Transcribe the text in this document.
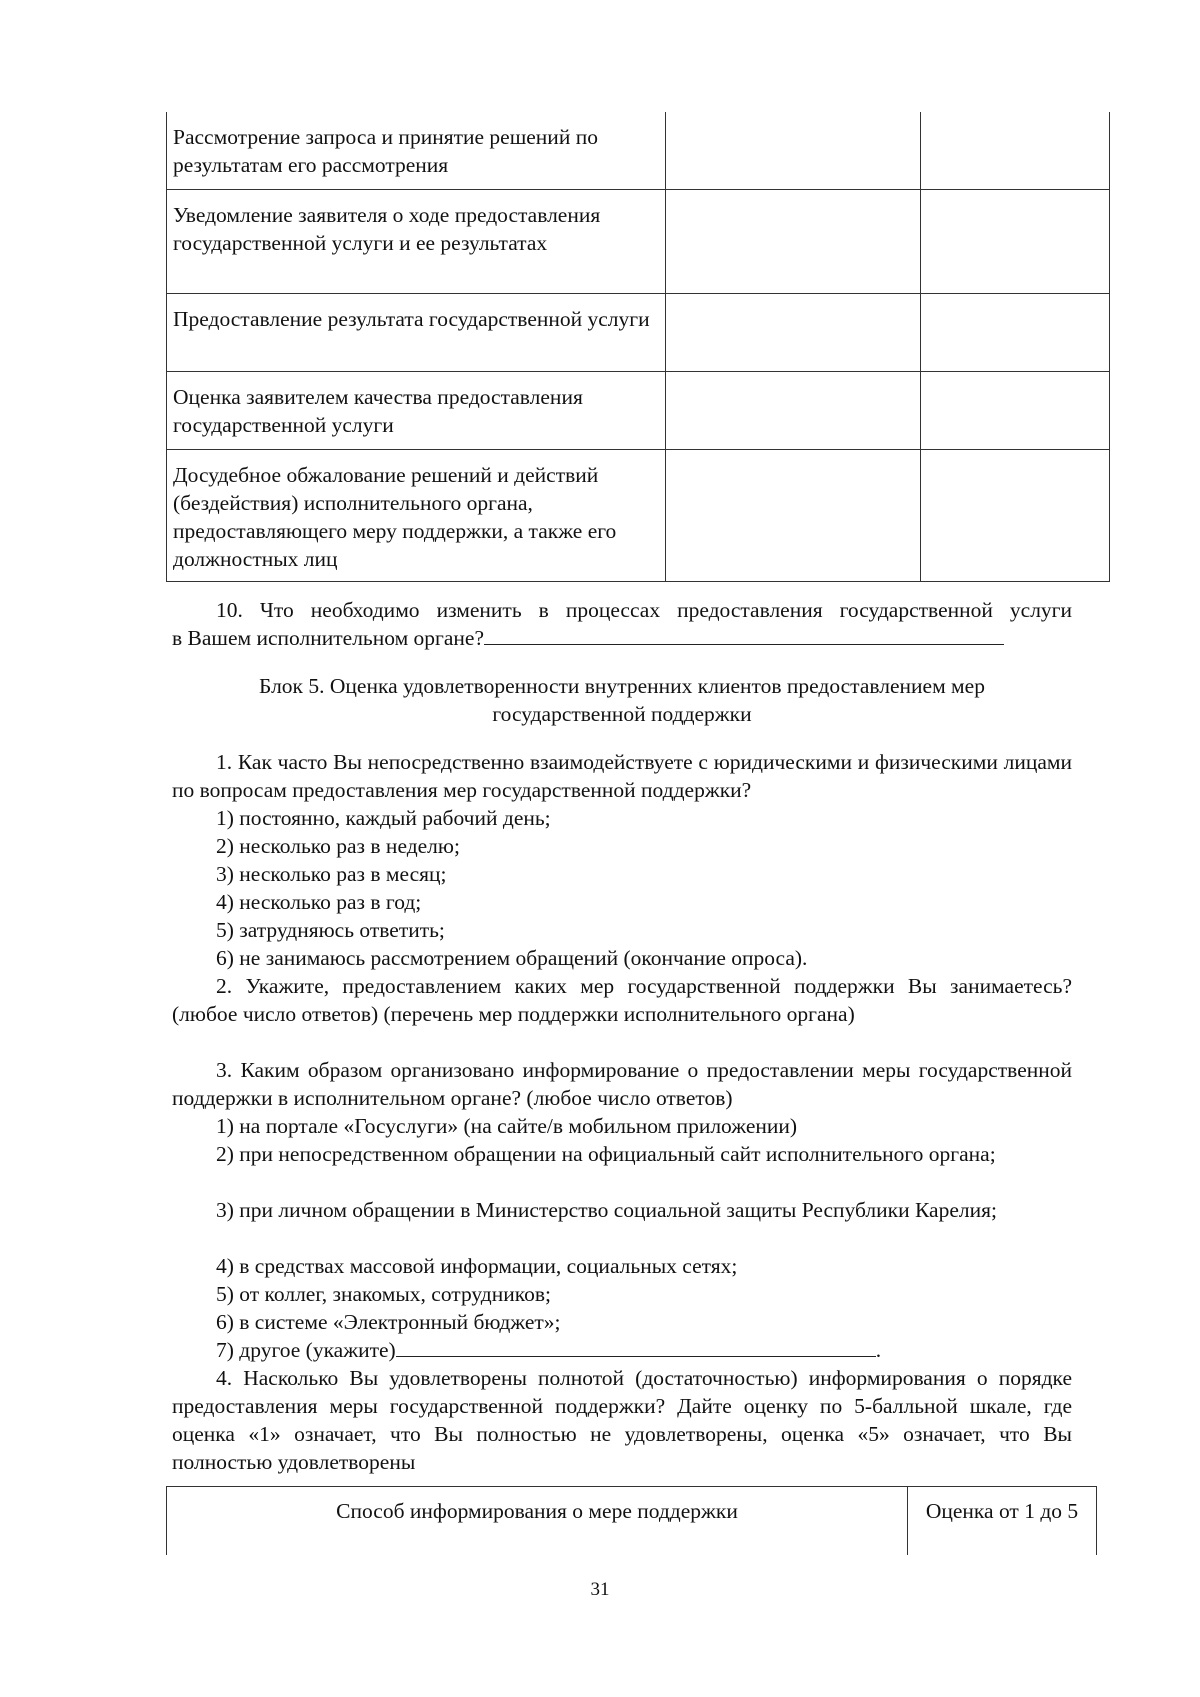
Рассмотрение запроса и принятие решений по результатам его рассмотрения		
Уведомление заявителя о ходе предоставления государственной услуги и ее результатах		
Предоставление результата государственной услуги		
Оценка заявителем качества предоставления государственной услуги		
Досудебное обжалование решений и действий (бездействия) исполнительного органа, предоставляющего меру поддержки, а также его должностных лиц		
10. Что необходимо изменить в процессах предоставления государственной услуги
в Вашем исполнительном органе?
Блок 5. Оценка удовлетворенности внутренних клиентов предоставлением мер
государственной поддержки
1. Как часто Вы непосредственно взаимодействуете с юридическими и физическими лицами по вопросам предоставления мер государственной поддержки?
1) постоянно, каждый рабочий день;
2) несколько раз в неделю;
3) несколько раз в месяц;
4) несколько раз в год;
5) затрудняюсь ответить;
6) не занимаюсь рассмотрением обращений (окончание опроса).
2. Укажите, предоставлением каких мер государственной поддержки Вы занимаетесь? (любое число ответов) (перечень мер поддержки исполнительного органа)
3. Каким образом организовано информирование о предоставлении меры государственной поддержки в исполнительном органе? (любое число ответов)
1) на портале «Госуслуги» (на сайте/в мобильном приложении)
2) при непосредственном обращении на официальный сайт исполнительного органа;
3) при личном обращении в Министерство социальной защиты Республики Карелия;
4) в средствах массовой информации, социальных сетях;
5) от коллег, знакомых, сотрудников;
6) в системе «Электронный бюджет»;
7) другое (укажите)	.
4. Насколько Вы удовлетворены полнотой (достаточностью) информирования о порядке предоставления меры государственной поддержки? Дайте оценку по 5-балльной шкале, где оценка «1» означает, что Вы полностью не удовлетворены, оценка «5» означает, что Вы полностью удовлетворены
Способ информирования о мере поддержки	Оценка от 1 до 5
31
